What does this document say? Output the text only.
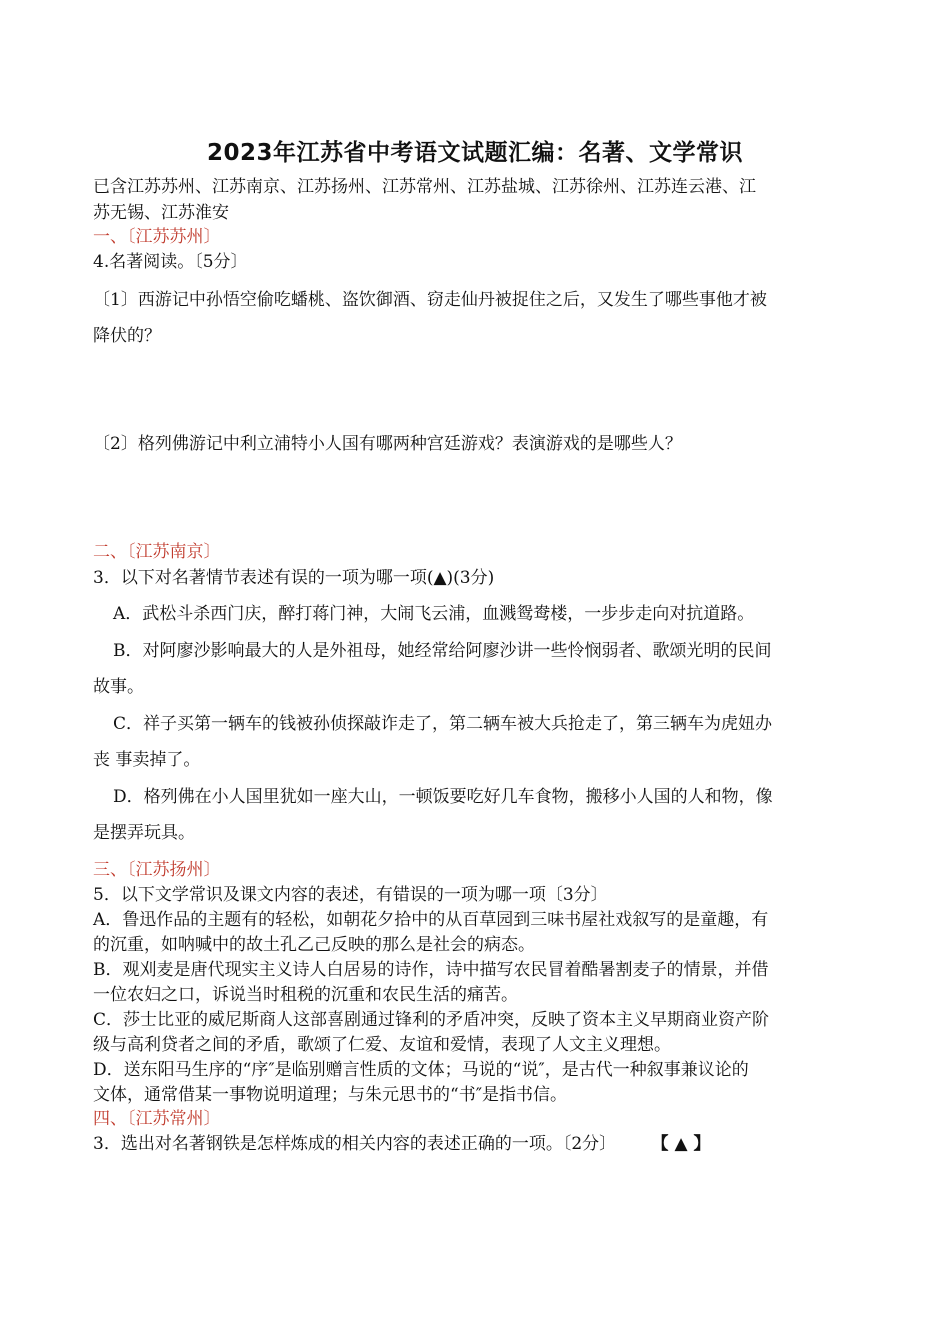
2023年江苏省中考语文试题汇编：名著、文学常识
已含江苏苏州、江苏南京、江苏扬州、江苏常州、江苏盐城、江苏徐州、江苏连云港、江
苏无锡、江苏淮安
一、〔江苏苏州〕
4.名著阅读。〔5分〕
〔1〕西游记中孙悟空偷吃蟠桃、盗饮御酒、窃走仙丹被捉住之后，又发生了哪些事他才被
降伏的？
〔2〕格列佛游记中利立浦特小人国有哪两种宫廷游戏？表演游戏的是哪些人？
二、〔江苏南京〕
3．以下对名著情节表述有误的一项为哪一项(▲)(3分)
A．武松斗杀西门庆，醉打蒋门神，大闹飞云浦，血溅鸳鸯楼，一步步走向对抗道路。
B．对阿廖沙影响最大的人是外祖母，她经常给阿廖沙讲一些怜悯弱者、歌颂光明的民间
故事。
C．祥子买第一辆车的钱被孙侦探敲诈走了，第二辆车被大兵抢走了，第三辆车为虎妞办
丧 事卖掉了。
D．格列佛在小人国里犹如一座大山，一顿饭要吃好几车食物，搬移小人国的人和物，像
是摆弄玩具。
三、〔江苏扬州〕
5．以下文学常识及课文内容的表述，有错误的一项为哪一项〔3分〕
A．鲁迅作品的主题有的轻松，如朝花夕拾中的从百草园到三味书屋社戏叙写的是童趣，有
的沉重，如呐喊中的故土孔乙己反映的那么是社会的病态。
B．观刈麦是唐代现实主义诗人白居易的诗作，诗中描写农民冒着酷暑割麦子的情景，并借
一位农妇之口，诉说当时租税的沉重和农民生活的痛苦。
C．莎士比亚的威尼斯商人这部喜剧通过锋利的矛盾冲突，反映了资本主义早期商业资产阶
级与高利贷者之间的矛盾，歌颂了仁爱、友谊和爱情，表现了人文主义理想。
D．送东阳马生序的“序″是临别赠言性质的文体；马说的“说″，是古代一种叙事兼议论的
文体，通常借某一事物说明道理；与朱元思书的“书″是指书信。
四、〔江苏常州〕
3．选出对名著钢铁是怎样炼成的相关内容的表述正确的一项。〔2分〕 【 ▲ 】
